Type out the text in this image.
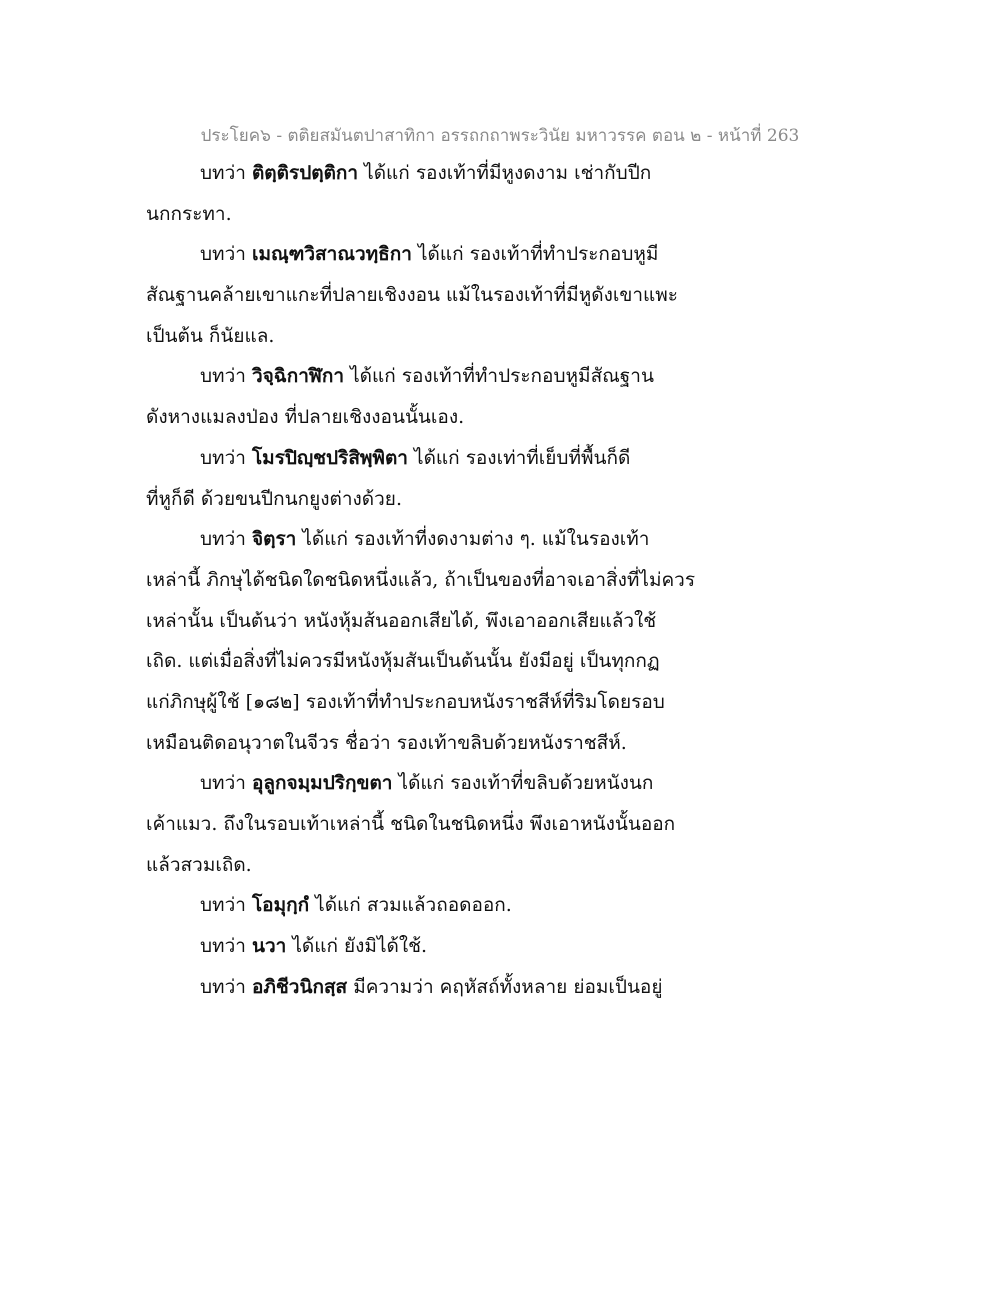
ประโยค๖ - ตติยสมันตปาสาทิกา อรรถกถาพระวินัย มหาวรรค ตอน ๒ - หน้าที่ 263
บทว่า ติตฺติรปตฺติกา ได้แก่ รองเท้าที่มีหูงดงาม เช่ากับปีก
นกกระทา.
บทว่า เมณฺฑวิสาณวทฺธิกา ได้แก่ รองเท้าที่ทำประกอบหูมี
สัณฐานคล้ายเขาแกะที่ปลายเชิงงอน แม้ในรองเท้าที่มีหูดังเขาแพะ
เป็นต้น ก็นัยแล.
บทว่า วิจฺฉิกาฬิกา ได้แก่ รองเท้าที่ทำประกอบหูมีสัณฐาน
ดังหางแมลงป่อง ที่ปลายเชิงงอนนั้นเอง.
บทว่า โมรปิญฺชปริสิพฺพิตา ได้แก่ รองเท่าที่เย็บที่พื้นก็ดี
ที่หูก็ดี ด้วยขนปีกนกยูงต่างด้วย.
บทว่า จิตฺรา ได้แก่ รองเท้าที่งดงามต่าง ๆ. แม้ในรองเท้า
เหล่านี้ ภิกษุได้ชนิดใดชนิดหนึ่งแล้ว, ถ้าเป็นของที่อาจเอาสิ่งที่ไม่ควร
เหล่านั้น เป็นต้นว่า หนังหุ้มส้นออกเสียได้, พึงเอาออกเสียแล้วใช้
เถิด. แต่เมื่อสิ่งที่ไม่ควรมีหนังหุ้มสันเป็นต้นนั้น ยังมีอยู่ เป็นทุกกฏ
แก่ภิกษุผู้ใช้ [๑๘๒] รองเท้าที่ทำประกอบหนังราชสีห์ที่ริมโดยรอบ
เหมือนติดอนุวาตในจีวร ชื่อว่า รองเท้าขลิบด้วยหนังราชสีห์.
บทว่า อุลูกจมฺมปริกฺขตา ได้แก่ รองเท้าที่ขลิบด้วยหนังนก
เค้าแมว. ถึงในรอบเท้าเหล่านี้ ชนิดในชนิดหนึ่ง พึงเอาหนังนั้นออก
แล้วสวมเถิด.
บทว่า โอมุกฺกํ ได้แก่ สวมแล้วถอดออก.
บทว่า นวา ได้แก่ ยังมิได้ใช้.
บทว่า อภิชีวนิกสฺส มีความว่า คฤหัสถ์ทั้งหลาย ย่อมเป็นอยู่
